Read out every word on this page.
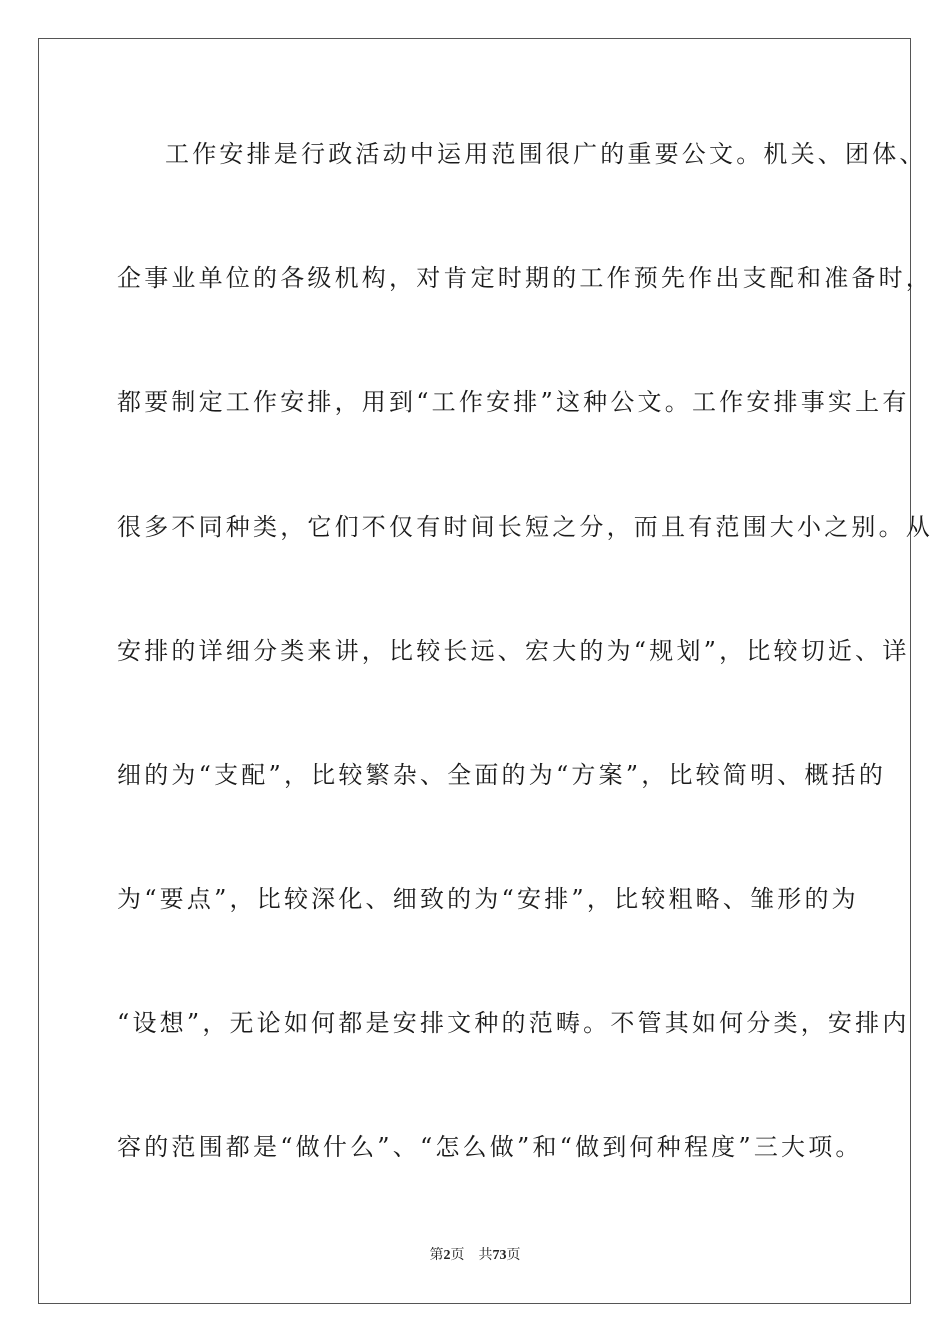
工作安排是行政活动中运用范围很广的重要公文。机关、团体、
企事业单位的各级机构，对肯定时期的工作预先作出支配和准备时，
都要制定工作安排，用到“工作安排”这种公文。工作安排事实上有
很多不同种类，它们不仅有时间长短之分，而且有范围大小之别。从
安排的详细分类来讲，比较长远、宏大的为“规划”，比较切近、详
细的为“支配”，比较繁杂、全面的为“方案”，比较简明、概括的
为“要点”，比较深化、细致的为“安排”，比较粗略、雏形的为
“设想”，无论如何都是安排文种的范畴。不管其如何分类，安排内
容的范围都是“做什么”、“怎么做”和“做到何种程度”三大项。
第2页 共73页
